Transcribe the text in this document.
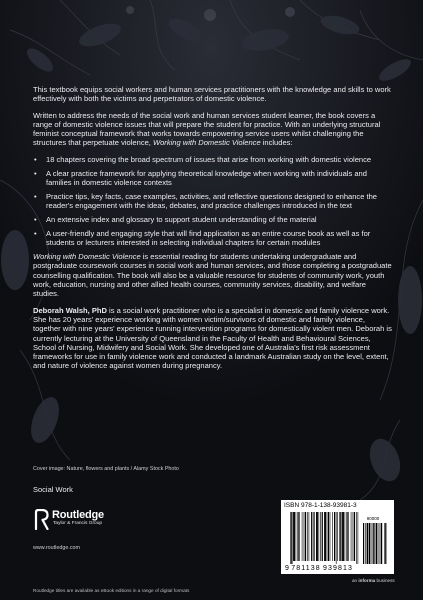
This textbook equips social workers and human services practitioners with the knowledge and skills to work effectively with both the victims and perpetrators of domestic violence.

Written to address the needs of the social work and human services student learner, the book covers a range of domestic violence issues that will prepare the student for practice. With an underlying structural feminist conceptual framework that works towards empowering service users whilst challenging the structures that perpetuate violence, Working with Domestic Violence includes:

• 18 chapters covering the broad spectrum of issues that arise from working with domestic violence
• A clear practice framework for applying theoretical knowledge when working with individuals and families in domestic violence contexts
• Practice tips, key facts, case examples, activities, and reflective questions designed to enhance the reader's engagement with the ideas, debates, and practice challenges introduced in the text
• An extensive index and glossary to support student understanding of the material
• A user-friendly and engaging style that will find application as an entire course book as well as for students or lecturers interested in selecting individual chapters for certain modules

Working with Domestic Violence is essential reading for students undertaking undergraduate and postgraduate coursework courses in social work and human services, and those completing a postgraduate counselling qualification. The book will also be a valuable resource for students of community work, youth work, education, nursing and other allied health courses, community services, disability, and welfare studies.

Deborah Walsh, PhD is a social work practitioner who is a specialist in domestic and family violence work. She has 20 years' experience working with women victim/survivors of domestic and family violence, together with nine years' experience running intervention programs for domestically violent men. Deborah is currently lecturing at the University of Queensland in the Faculty of Health and Behavioural Sciences, School of Nursing, Midwifery and Social Work. She developed one of Australia's first risk assessment frameworks for use in family violence work and conducted a landmark Australian study on the level, extent, and nature of violence against women during pregnancy.

Cover image: Nature, flowers and plants / Alamy Stock Photo
Social Work
Routledge
Taylor & Francis Group
www.routledge.com
ISBN 978-1-138-93981-3
90000
9 781138 939813
an informa business
Routledge titles are available as eBook editions in a range of digital formats
